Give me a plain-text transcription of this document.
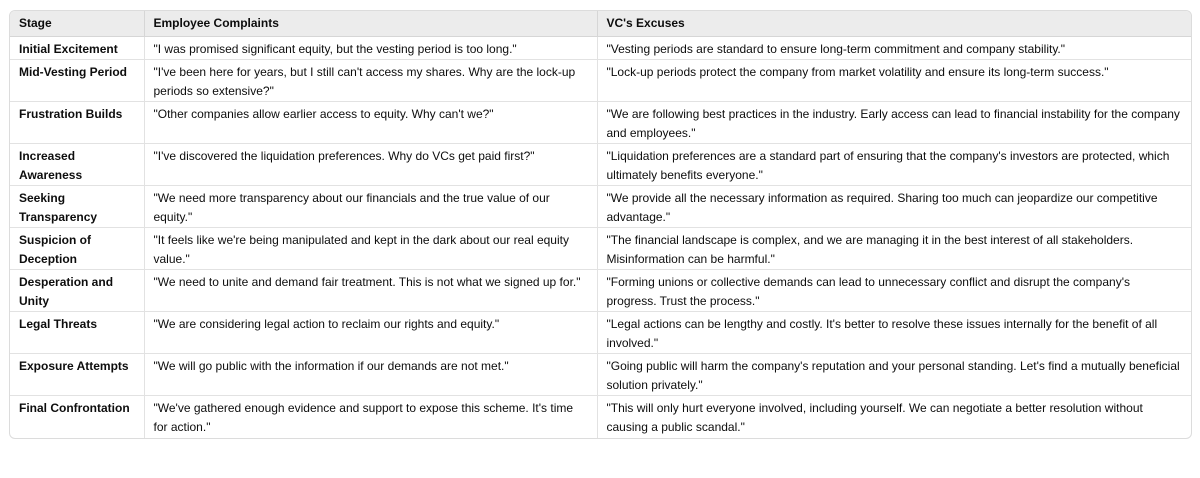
Stage	Employee Complaints	VC's Excuses
Initial Excitement	"I was promised significant equity, but the vesting period is too long."	"Vesting periods are standard to ensure long-term commitment and company stability."
Mid-Vesting Period	"I've been here for years, but I still can't access my shares. Why are the lock-up periods so extensive?"	"Lock-up periods protect the company from market volatility and ensure its long-term success."
Frustration Builds	"Other companies allow earlier access to equity. Why can't we?"	"We are following best practices in the industry. Early access can lead to financial instability for the company and employees."
Increased Awareness	"I've discovered the liquidation preferences. Why do VCs get paid first?"	"Liquidation preferences are a standard part of ensuring that the company's investors are protected, which ultimately benefits everyone."
Seeking Transparency	"We need more transparency about our financials and the true value of our equity."	"We provide all the necessary information as required. Sharing too much can jeopardize our competitive advantage."
Suspicion of Deception	"It feels like we're being manipulated and kept in the dark about our real equity value."	"The financial landscape is complex, and we are managing it in the best interest of all stakeholders. Misinformation can be harmful."
Desperation and Unity	"We need to unite and demand fair treatment. This is not what we signed up for."	"Forming unions or collective demands can lead to unnecessary conflict and disrupt the company's progress. Trust the process."
Legal Threats	"We are considering legal action to reclaim our rights and equity."	"Legal actions can be lengthy and costly. It's better to resolve these issues internally for the benefit of all involved."
Exposure Attempts	"We will go public with the information if our demands are not met."	"Going public will harm the company's reputation and your personal standing. Let's find a mutually beneficial solution privately."
Final Confrontation	"We've gathered enough evidence and support to expose this scheme. It's time for action."	"This will only hurt everyone involved, including yourself. We can negotiate a better resolution without causing a public scandal."
